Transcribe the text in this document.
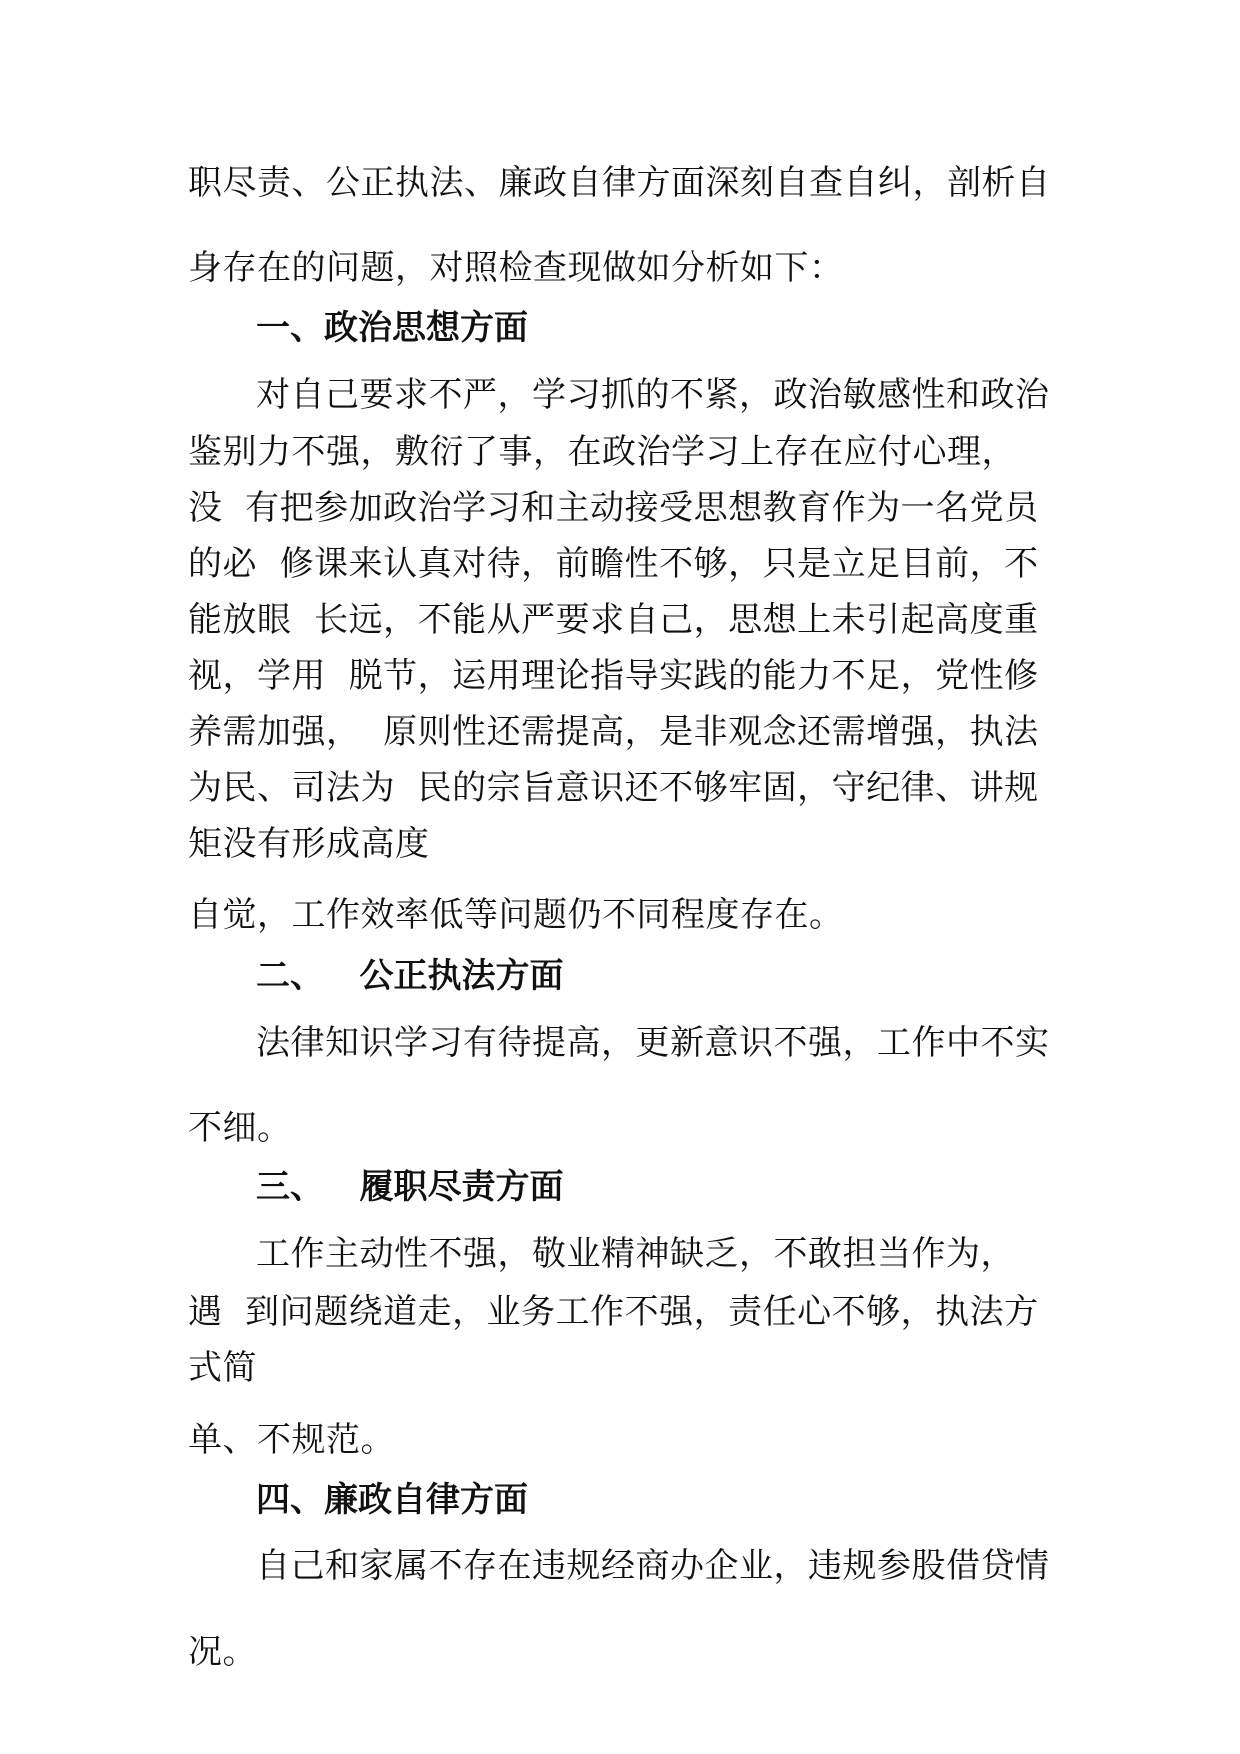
职尽责、公正执法、廉政自律方面深刻自查自纠，剖析自
身存在的问题，对照检查现做如分析如下：
一、政治思想方面
对自己要求不严，学习抓的不紧，政治敏感性和政治
鉴别力不强，敷衍了事，在政治学习上存在应付心理，
没  有把参加政治学习和主动接受思想教育作为一名党员
的必  修课来认真对待，前瞻性不够，只是立足目前，不
能放眼  长远，不能从严要求自己，思想上未引起高度重
视，学用  脱节，运用理论指导实践的能力不足，党性修
养需加强，  原则性还需提高，是非观念还需增强，执法
为民、司法为  民的宗旨意识还不够牢固，守纪律、讲规
矩没有形成高度
自觉，工作效率低等问题仍不同程度存在。
二、   公正执法方面
法律知识学习有待提高，更新意识不强，工作中不实
不细。
三、   履职尽责方面
工作主动性不强，敬业精神缺乏，不敢担当作为，
遇  到问题绕道走，业务工作不强，责任心不够，执法方
式简
单、不规范。
四、廉政自律方面
自己和家属不存在违规经商办企业，违规参股借贷情
况。
